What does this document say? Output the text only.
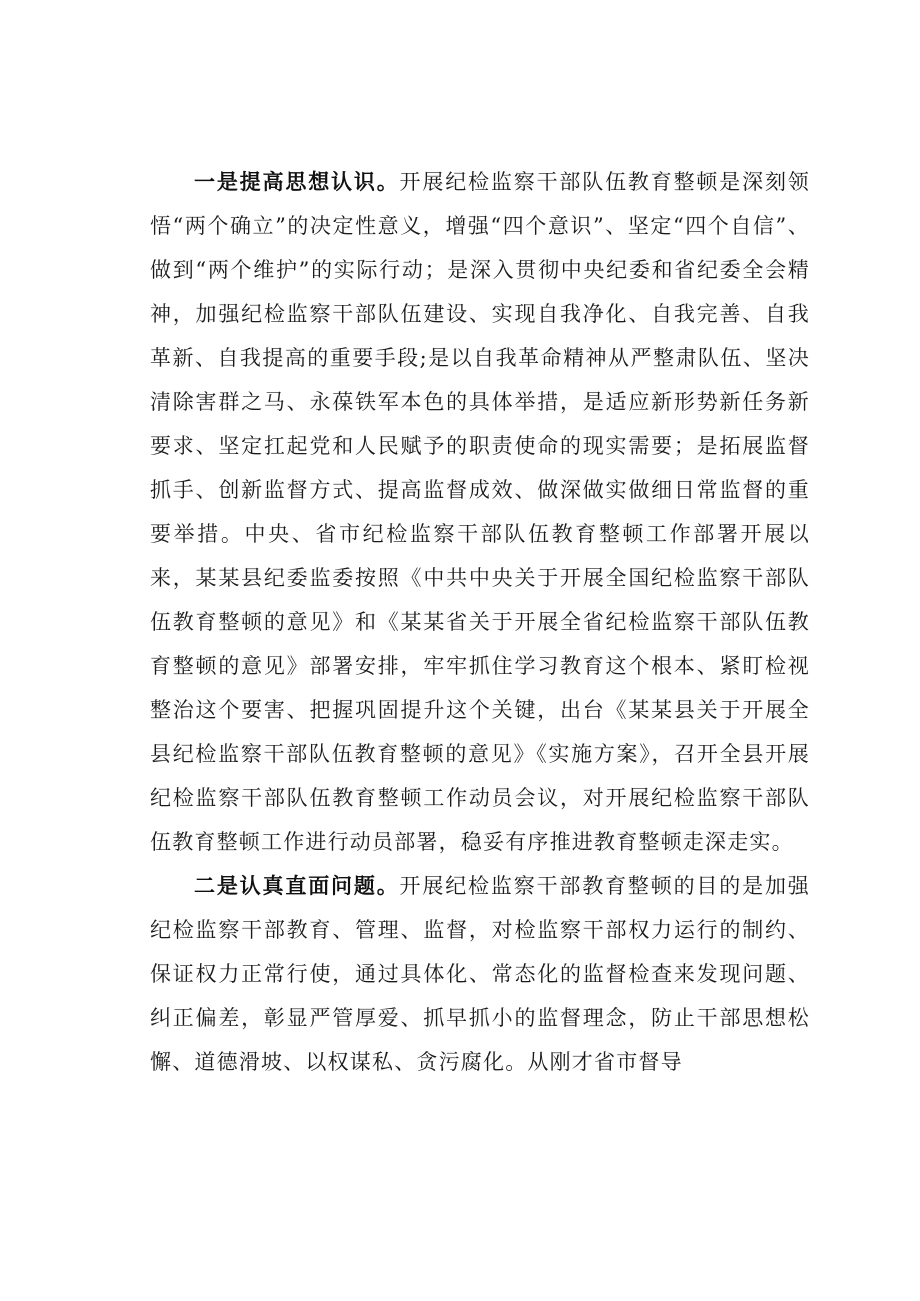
一是提高思想认识。开展纪检监察干部队伍教育整顿是深刻领悟“两个确立”的决定性意义，增强“四个意识”、坚定“四个自信”、做到“两个维护”的实际行动；是深入贯彻中央纪委和省纪委全会精神，加强纪检监察干部队伍建设、实现自我净化、自我完善、自我革新、自我提高的重要手段;是以自我革命精神从严整肃队伍、坚决清除害群之马、永葆铁军本色的具体举措，是适应新形势新任务新要求、坚定扛起党和人民赋予的职责使命的现实需要；是拓展监督抓手、创新监督方式、提高监督成效、做深做实做细日常监督的重要举措。中央、省市纪检监察干部队伍教育整顿工作部署开展以来，某某县纪委监委按照《中共中央关于开展全国纪检监察干部队伍教育整顿的意见》和《某某省关于开展全省纪检监察干部队伍教育整顿的意见》部署安排，牢牢抓住学习教育这个根本、紧盯检视整治这个要害、把握巩固提升这个关键，出台《某某县关于开展全县纪检监察干部队伍教育整顿的意见》《实施方案》，召开全县开展纪检监察干部队伍教育整顿工作动员会议，对开展纪检监察干部队伍教育整顿工作进行动员部署，稳妥有序推进教育整顿走深走实。

二是认真直面问题。开展纪检监察干部教育整顿的目的是加强纪检监察干部教育、管理、监督，对检监察干部权力运行的制约、保证权力正常行使，通过具体化、常态化的监督检查来发现问题、纠正偏差，彰显严管厚爱、抓早抓小的监督理念，防止干部思想松懈、道德滑坡、以权谋私、贪污腐化。从刚才省市督导
